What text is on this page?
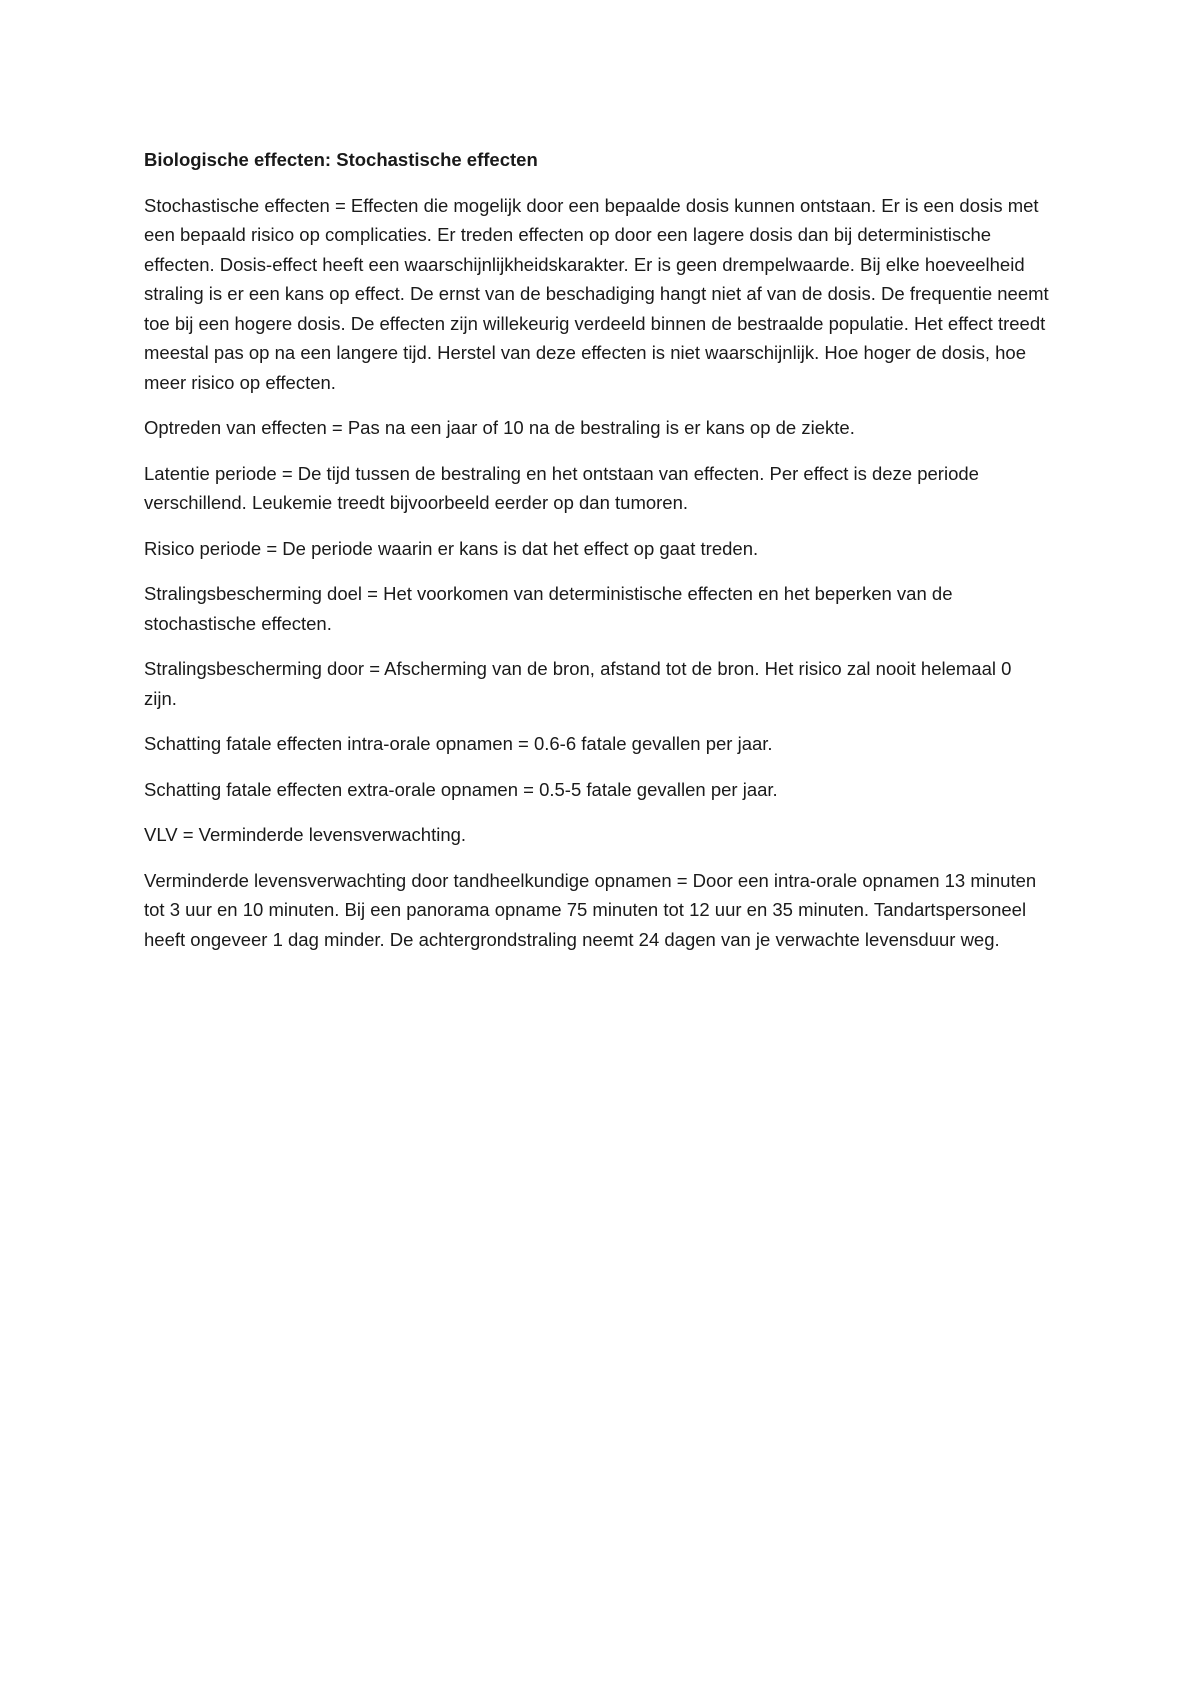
Biologische effecten: Stochastische effecten

Stochastische effecten = Effecten die mogelijk door een bepaalde dosis kunnen ontstaan. Er is een dosis met een bepaald risico op complicaties. Er treden effecten op door een lagere dosis dan bij deterministische effecten. Dosis-effect heeft een waarschijnlijkheidskarakter. Er is geen drempelwaarde. Bij elke hoeveelheid straling is er een kans op effect. De ernst van de beschadiging hangt niet af van de dosis. De frequentie neemt toe bij een hogere dosis. De effecten zijn willekeurig verdeeld binnen de bestraalde populatie. Het effect treedt meestal pas op na een langere tijd. Herstel van deze effecten is niet waarschijnlijk. Hoe hoger de dosis, hoe meer risico op effecten.

Optreden van effecten = Pas na een jaar of 10 na de bestraling is er kans op de ziekte.

Latentie periode = De tijd tussen de bestraling en het ontstaan van effecten. Per effect is deze periode verschillend. Leukemie treedt bijvoorbeeld eerder op dan tumoren.

Risico periode = De periode waarin er kans is dat het effect op gaat treden.

Stralingsbescherming doel = Het voorkomen van deterministische effecten en het beperken van de stochastische effecten.

Stralingsbescherming door = Afscherming van de bron, afstand tot de bron. Het risico zal nooit helemaal 0 zijn.

Schatting fatale effecten intra-orale opnamen = 0.6-6 fatale gevallen per jaar.

Schatting fatale effecten extra-orale opnamen = 0.5-5 fatale gevallen per jaar.

VLV = Verminderde levensverwachting.

Verminderde levensverwachting door tandheelkundige opnamen = Door een intra-orale opnamen 13 minuten tot 3 uur en 10 minuten. Bij een panorama opname 75 minuten tot 12 uur en 35 minuten. Tandartspersoneel heeft ongeveer 1 dag minder. De achtergrondstraling neemt 24 dagen van je verwachte levensduur weg.
